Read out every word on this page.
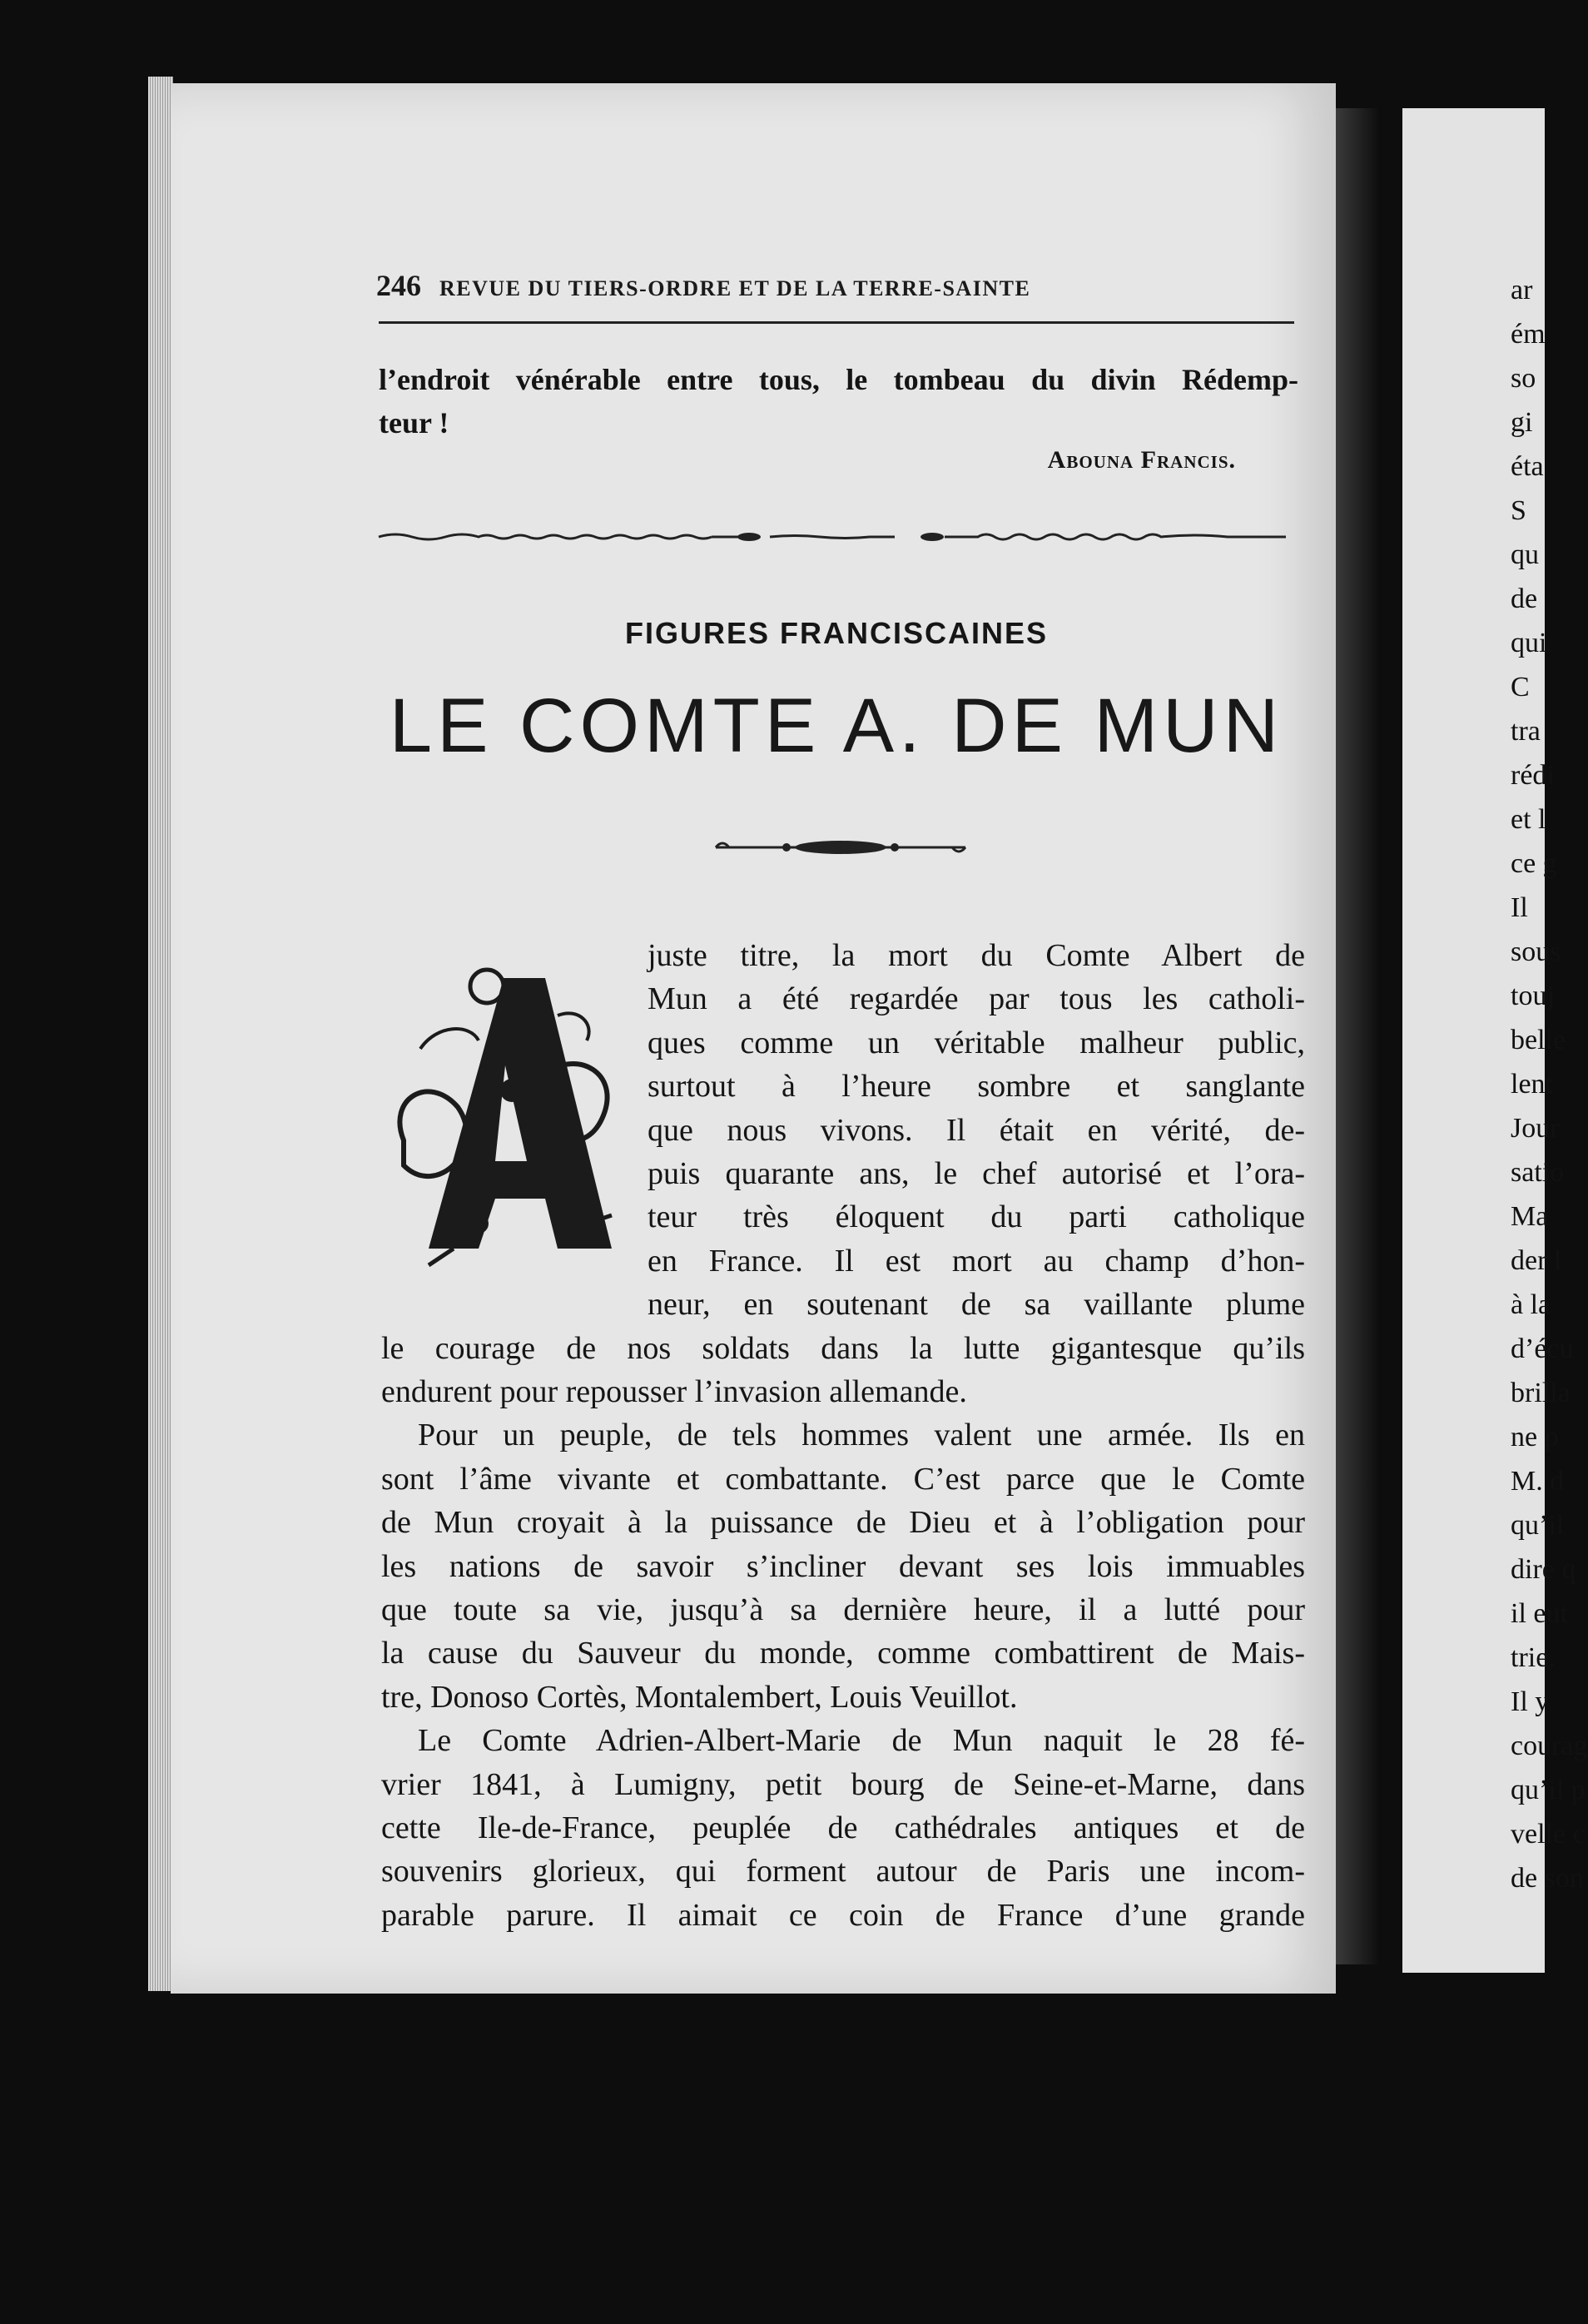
ar
ém
so
gi
éta
S
qu
de
qui
C
tra
rédi
et l
ce g
Il
sous
touj
belle
lent
Jour
satio
Ma
der l
à la
d’écu
brilla
ne p
M. d
qu’il
dire q
il eut
trie.
Il y
courag
qu’il p
velle c
de son
246 REVUE DU TIERS-ORDRE ET DE LA TERRE-SAINTE
l’endroit vénérable entre tous, le tombeau du divin Rédemp-
teur !
Abouna Francis.
FIGURES FRANCISCAINES
LE COMTE A. DE MUN
juste titre, la mort du Comte Albert de
Mun a été regardée par tous les catholi-
ques comme un véritable malheur public,
surtout à l’heure sombre et sanglante
que nous vivons. Il était en vérité, de-
puis quarante ans, le chef autorisé et l’ora-
teur très éloquent du parti catholique
en France. Il est mort au champ d’hon-
neur, en soutenant de sa vaillante plume
le courage de nos soldats dans la lutte gigantesque qu’ils
endurent pour repousser l’invasion allemande.
Pour un peuple, de tels hommes valent une armée. Ils en
sont l’âme vivante et combattante. C’est parce que le Comte
de Mun croyait à la puissance de Dieu et à l’obligation pour
les nations de savoir s’incliner devant ses lois immuables
que toute sa vie, jusqu’à sa dernière heure, il a lutté pour
la cause du Sauveur du monde, comme combattirent de Mais-
tre, Donoso Cortès, Montalembert, Louis Veuillot.
Le Comte Adrien-Albert-Marie de Mun naquit le 28 fé-
vrier 1841, à Lumigny, petit bourg de Seine-et-Marne, dans
cette Ile-de-France, peuplée de cathédrales antiques et de
souvenirs glorieux, qui forment autour de Paris une incom-
parable parure. Il aimait ce coin de France d’une grande
